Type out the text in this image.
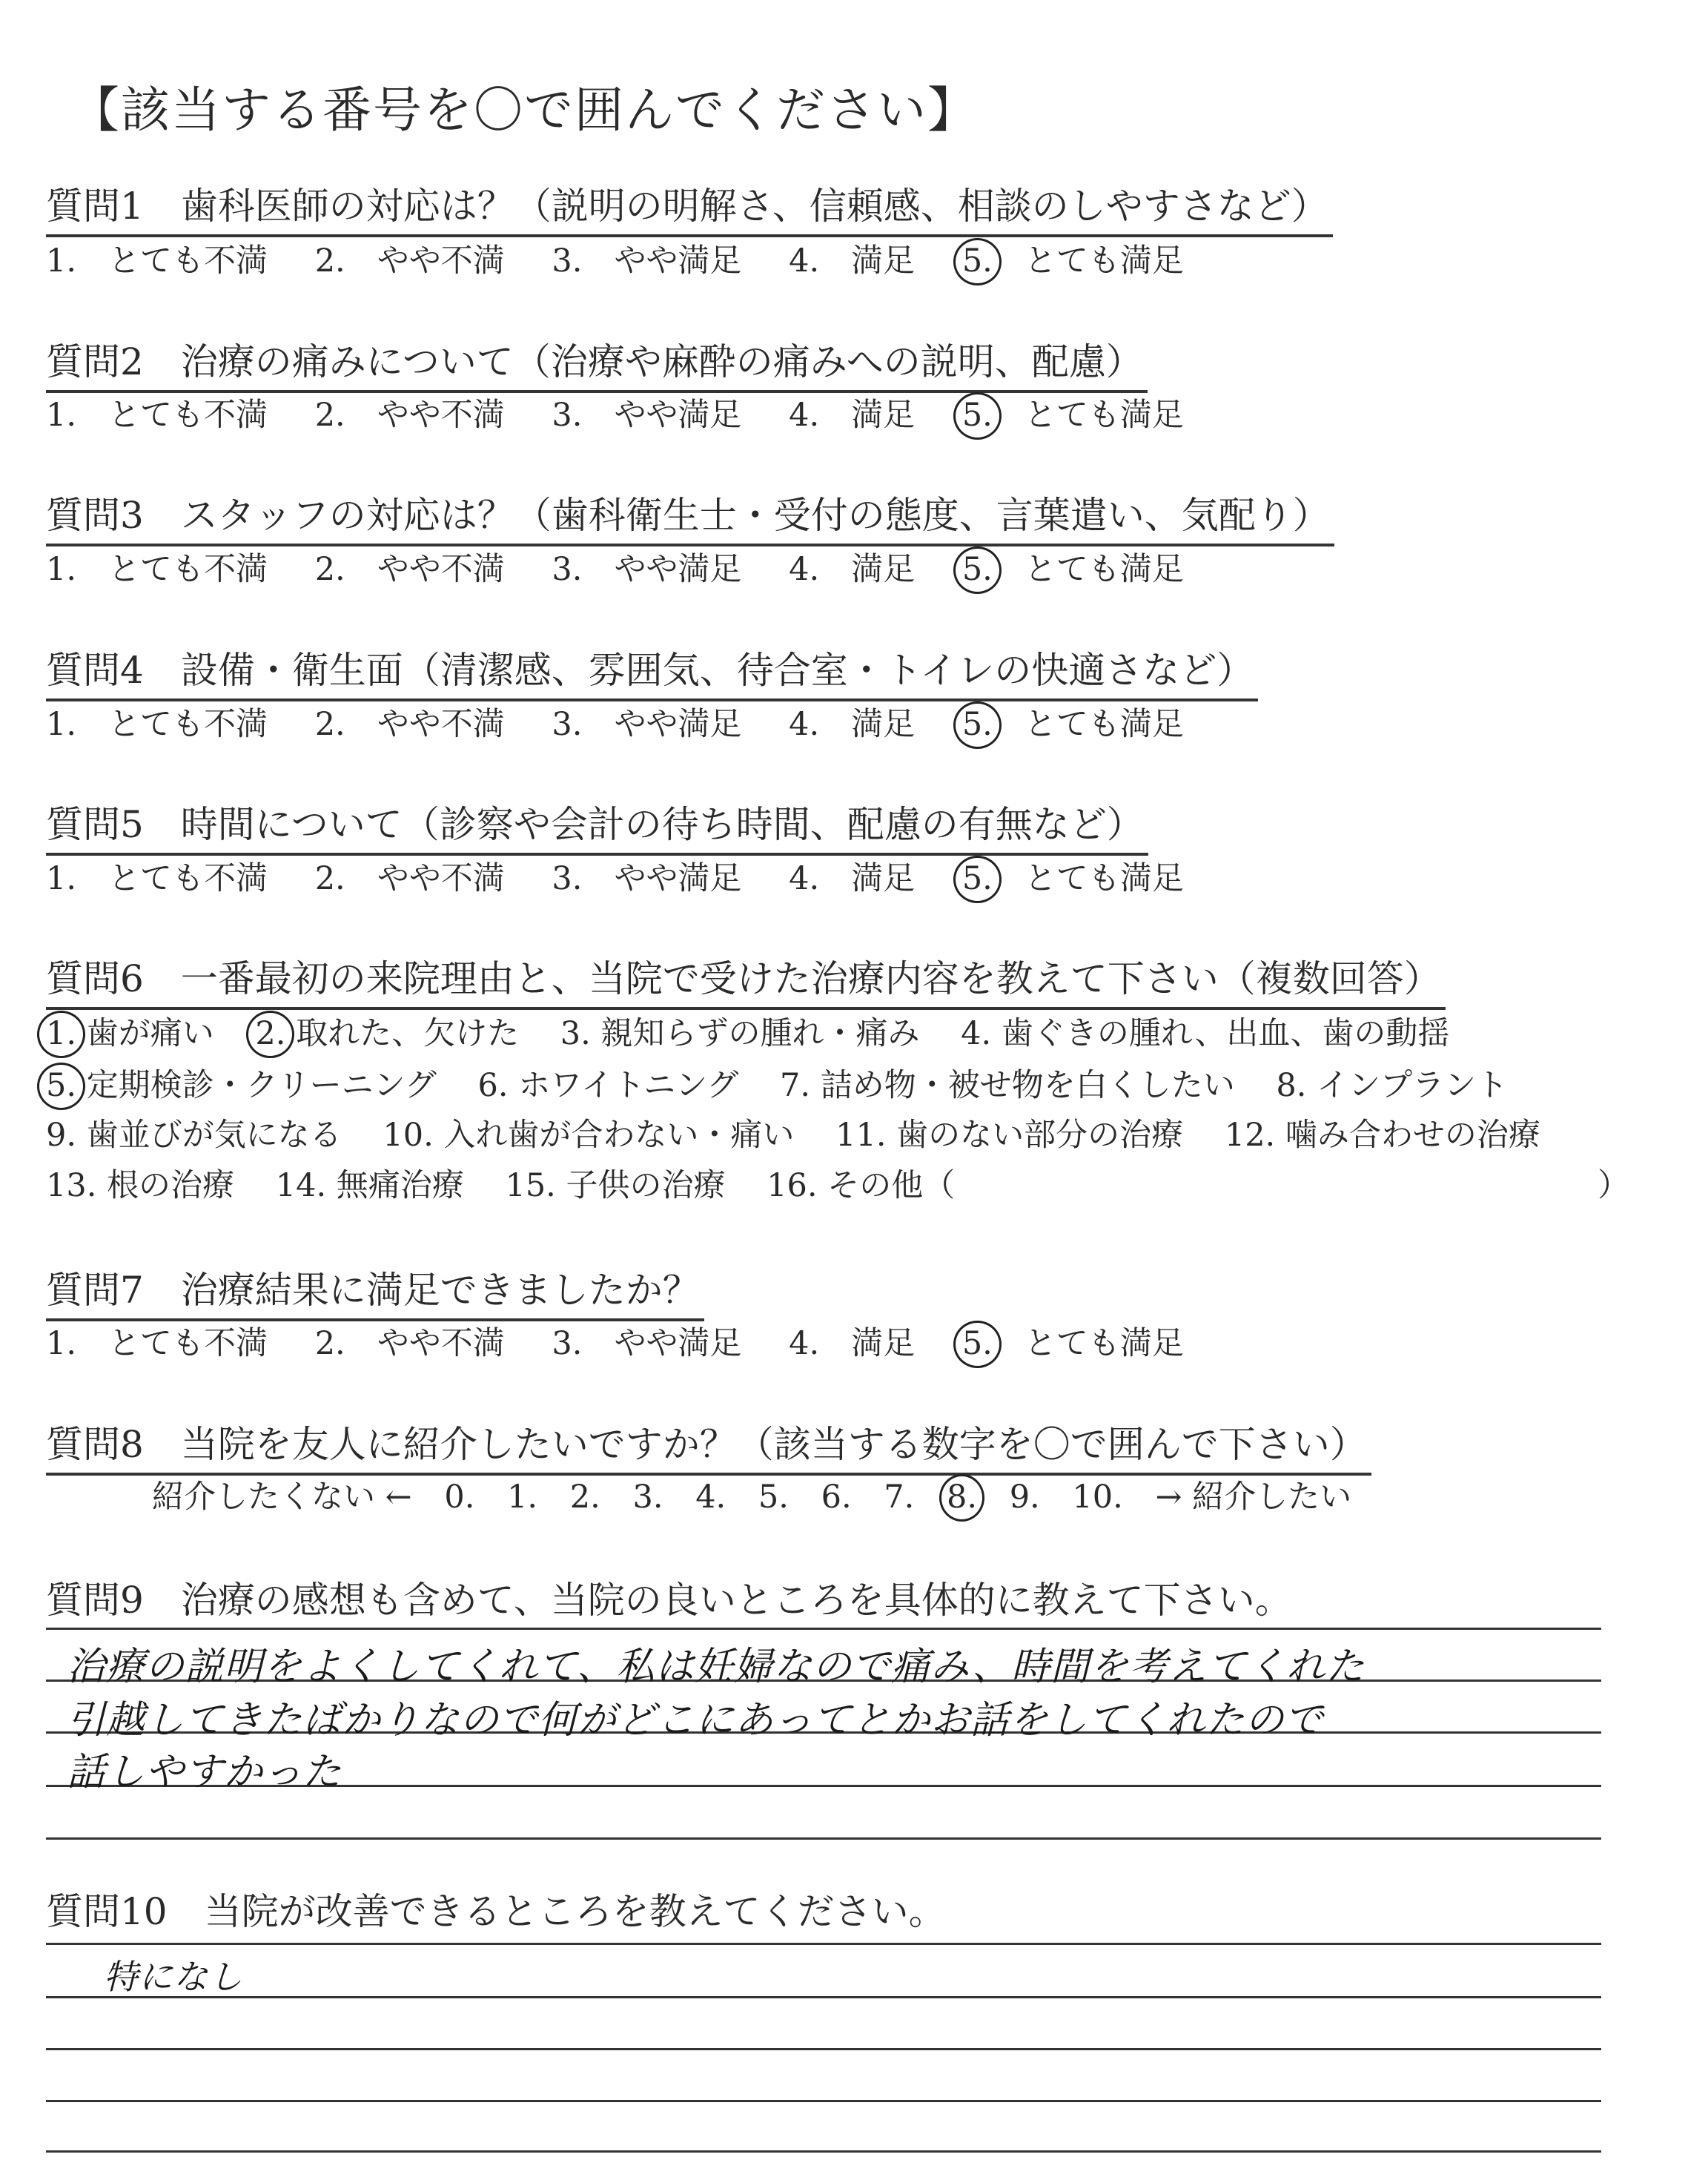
【該当する番号を〇で囲んでください】
質問1　歯科医師の対応は？（説明の明解さ、信頼感、相談のしやすさなど）
1.　 とても不満 2.　 やや不満 3.　 やや満足 4.　 満足 5.　 とても満足
質問2　治療の痛みについて（治療や麻酔の痛みへの説明、配慮）
1.　 とても不満 2.　 やや不満 3.　 やや満足 4.　 満足 5.　 とても満足
質問3　スタッフの対応は？（歯科衛生士・受付の態度、言葉遣い、気配り）
1.　 とても不満 2.　 やや不満 3.　 やや満足 4.　 満足 5.　 とても満足
質問4　設備・衛生面（清潔感、雰囲気、待合室・トイレの快適さなど）
1.　 とても不満 2.　 やや不満 3.　 やや満足 4.　 満足 5.　 とても満足
質問5　時間について（診察や会計の待ち時間、配慮の有無など）
1.　 とても不満 2.　 やや不満 3.　 やや満足 4.　 満足 5.　 とても満足
質問6　一番最初の来院理由と、当院で受けた治療内容を教えて下さい（複数回答）
1. 歯が痛い 2. 取れた、欠けた 3. 親知らずの腫れ・痛み 4. 歯ぐきの腫れ、出血、歯の動揺
5. 定期検診・クリーニング 6. ホワイトニング 7. 詰め物・被せ物を白くしたい 8. インプラント
9. 歯並びが気になる 10. 入れ歯が合わない・痛い 11. 歯のない部分の治療 12. 噛み合わせの治療
13. 根の治療 14. 無痛治療 15. 子供の治療 16. その他（	）
質問7　治療結果に満足できましたか？
1.　 とても不満 2.　 やや不満 3.　 やや満足 4.　 満足 5.　 とても満足
質問8　当院を友人に紹介したいですか？（該当する数字を〇で囲んで下さい）
紹介したくない ← 0. 1. 2. 3. 4. 5. 6. 7. 8. 9. 10. → 紹介したい
質問9　治療の感想も含めて、当院の良いところを具体的に教えて下さい。
治療の説明をよくしてくれて、私は妊婦なので痛み、時間を考えてくれた
引越してきたばかりなので何がどこにあってとかお話をしてくれたので
話しやすかった
質問10　当院が改善できるところを教えてください。
特になし
